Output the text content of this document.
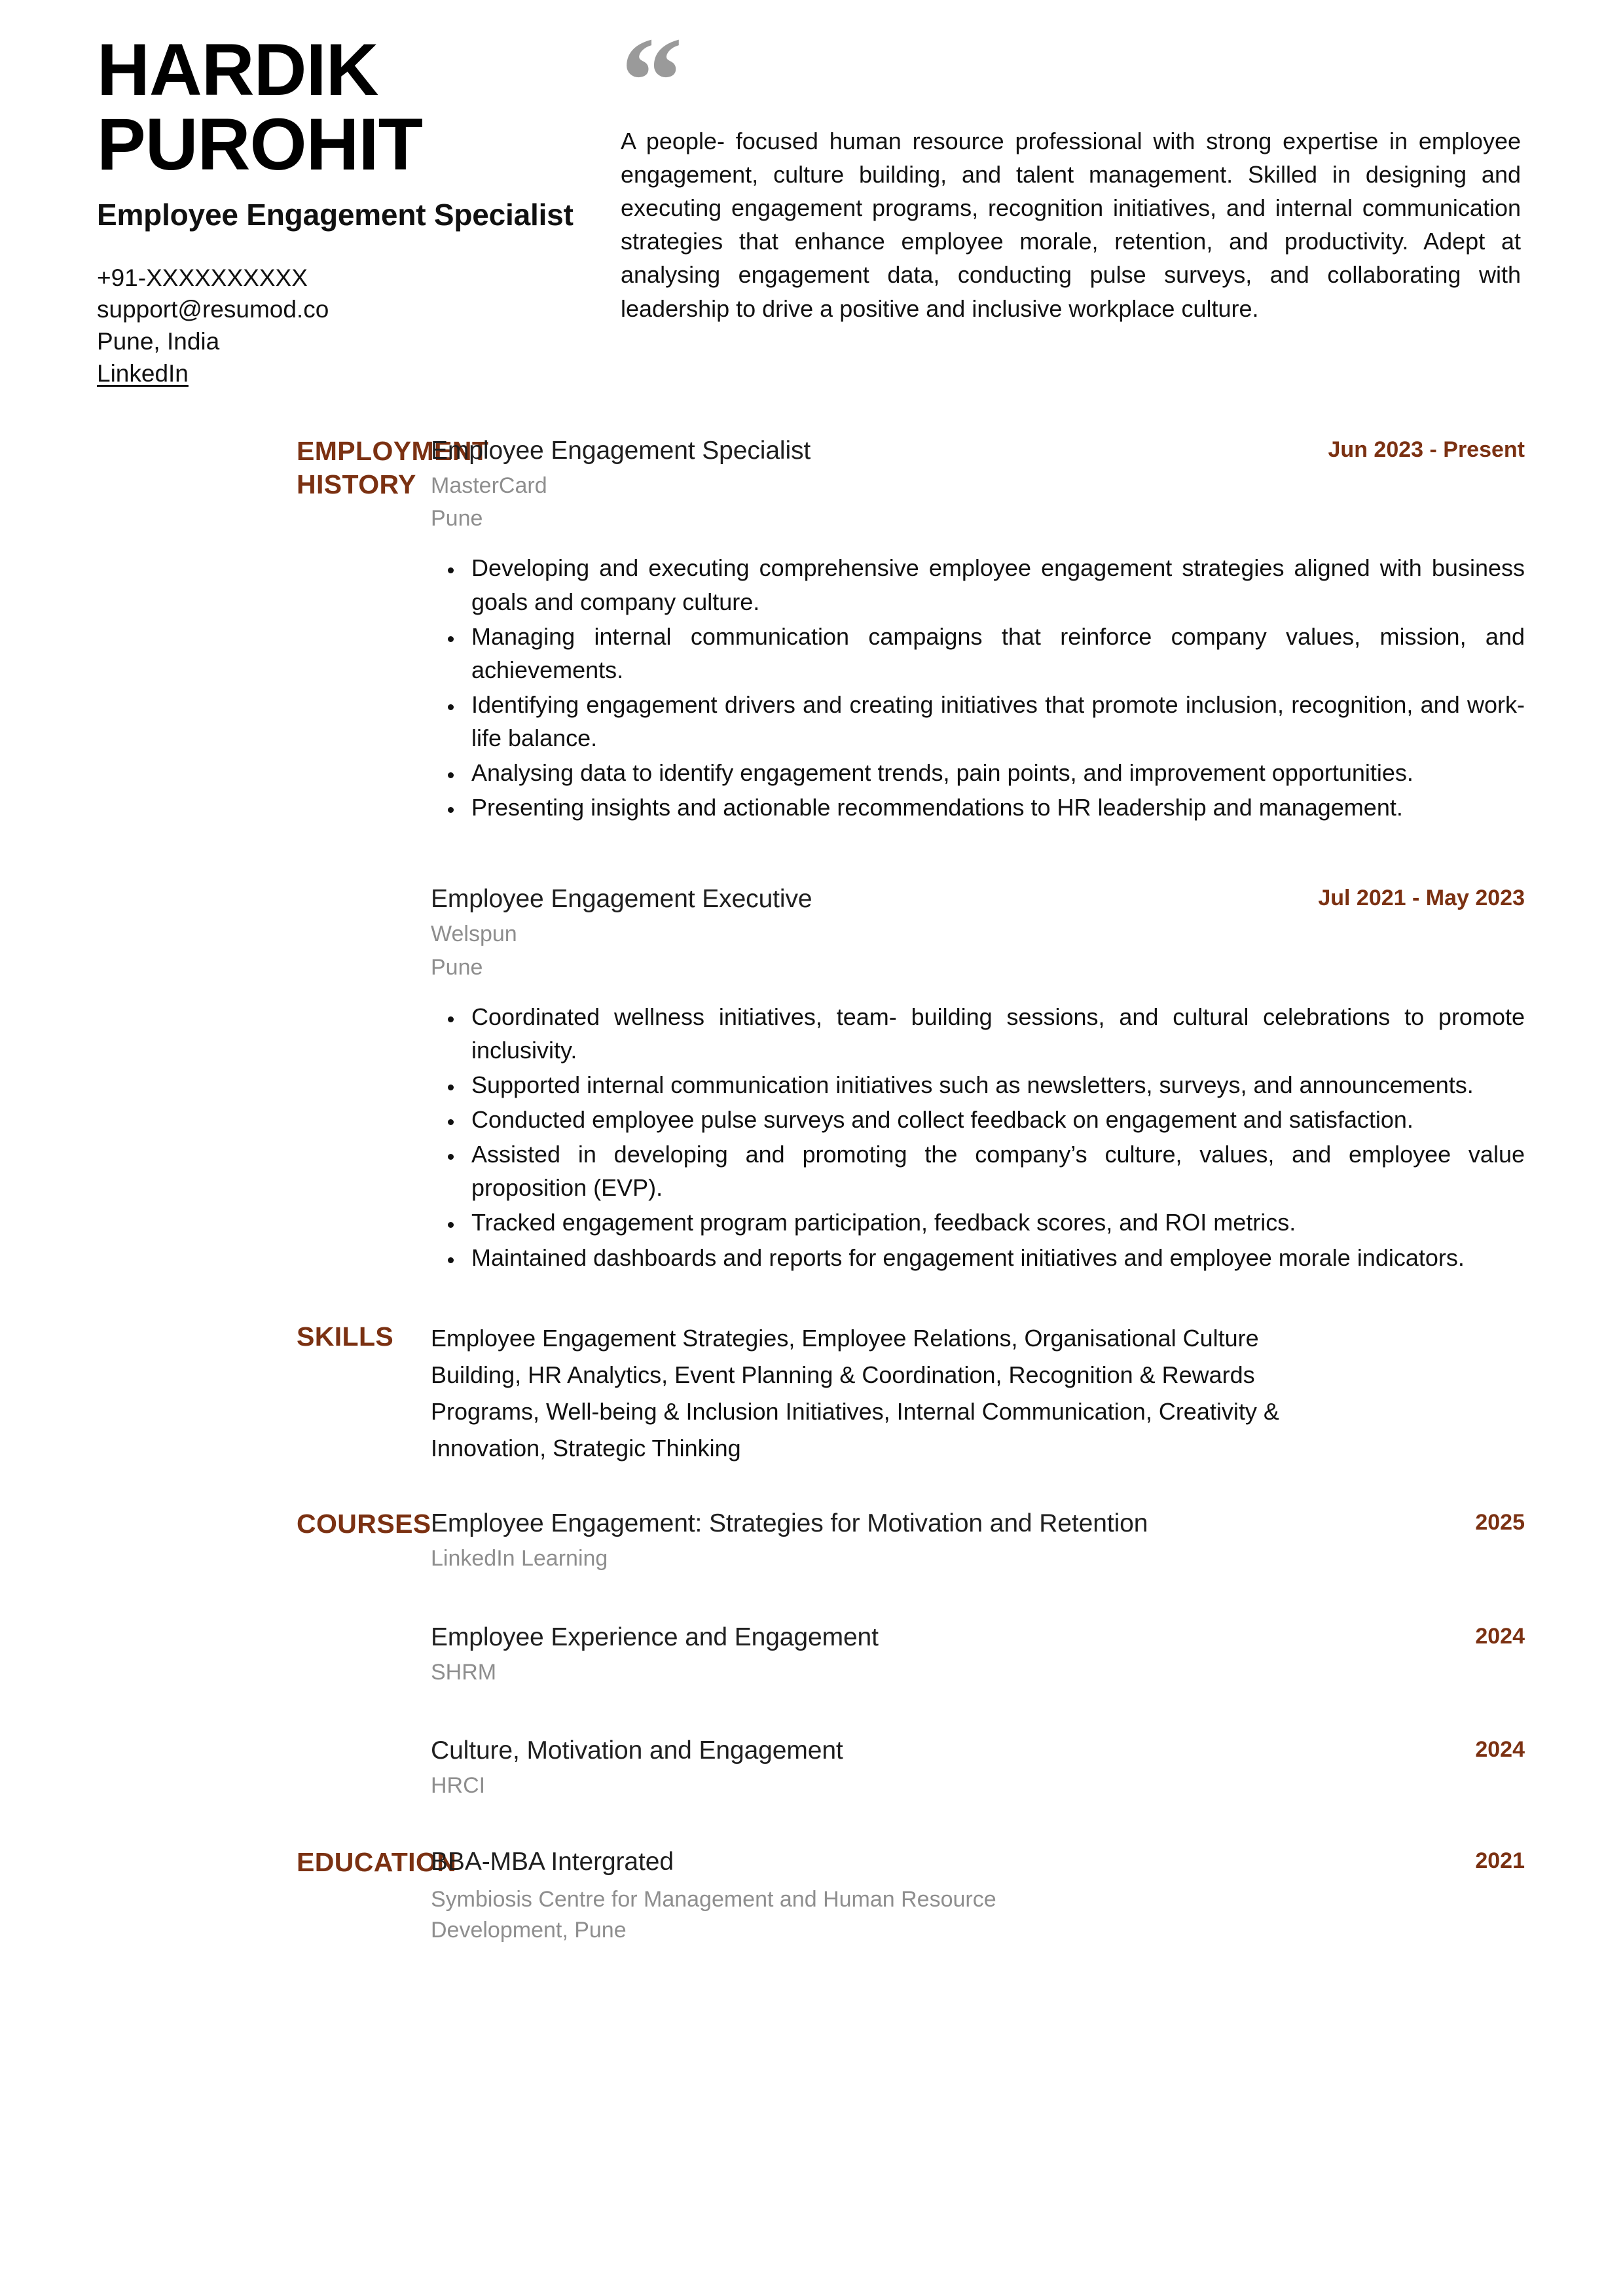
HARDIK
PUROHIT
Employee Engagement Specialist
+91-XXXXXXXXXX
support@resumod.co
Pune, India
LinkedIn
“

A people- focused human resource professional with strong expertise in employee engagement, culture building, and talent management. Skilled in designing and executing engagement programs, recognition initiatives, and internal communication strategies that enhance employee morale, retention, and productivity. Adept at analysing engagement data, conducting pulse surveys, and collaborating with leadership to drive a positive and inclusive workplace culture.

EMPLOYMENT
HISTORY
Employee Engagement Specialist	Jun 2023 - Present
MasterCard
Pune
• Developing and executing comprehensive employee engagement strategies aligned with business goals and company culture.
• Managing internal communication campaigns that reinforce company values, mission, and achievements.
• Identifying engagement drivers and creating initiatives that promote inclusion, recognition, and work-life balance.
• Analysing data to identify engagement trends, pain points, and improvement opportunities.
• Presenting insights and actionable recommendations to HR leadership and management.
Employee Engagement Executive	Jul 2021 - May 2023
Welspun
Pune
• Coordinated wellness initiatives, team- building sessions, and cultural celebrations to promote inclusivity.
• Supported internal communication initiatives such as newsletters, surveys, and announcements.
• Conducted employee pulse surveys and collect feedback on engagement and satisfaction.
• Assisted in developing and promoting the company’s culture, values, and employee value proposition (EVP).
• Tracked engagement program participation, feedback scores, and ROI metrics.
• Maintained dashboards and reports for engagement initiatives and employee morale indicators.
SKILLS	Employee Engagement Strategies, Employee Relations, Organisational Culture Building, HR Analytics, Event Planning & Coordination, Recognition & Rewards Programs, Well-being & Inclusion Initiatives, Internal Communication, Creativity & Innovation, Strategic Thinking
COURSES Employee Engagement: Strategies for Motivation and Retention	2025
LinkedIn Learning
Employee Experience and Engagement	2024
SHRM
Culture, Motivation and Engagement	2024
HRCI
EDUCATION
BBA-MBA Intergrated	2021
Symbiosis Centre for Management and Human Resource Development, Pune
